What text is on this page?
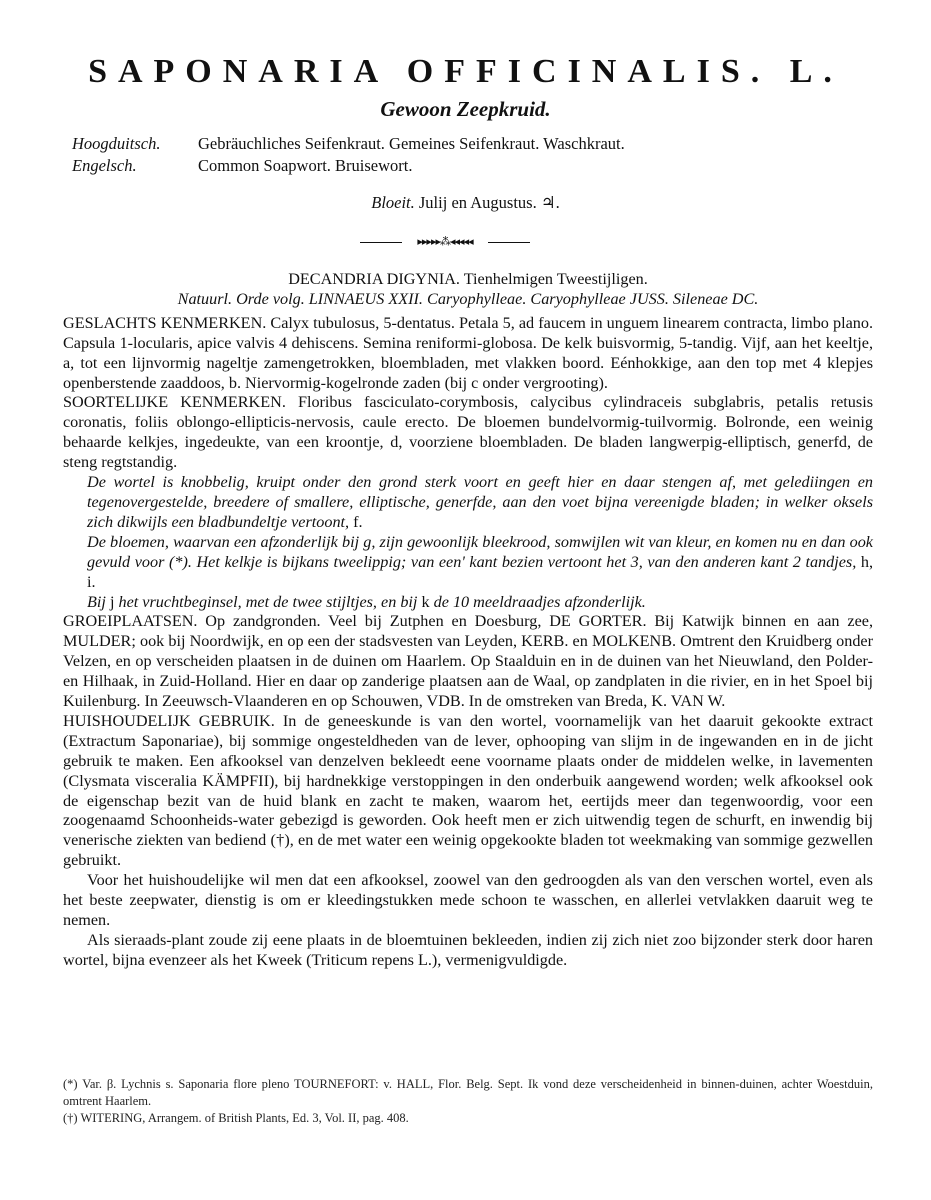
SAPONARIA OFFICINALIS. L.
Gewoon Zeepkruid.
Hoogduitsch.	Gebräuchliches Seifenkraut. Gemeines Seifenkraut. Waschkraut.
Engelsch.	Common Soapwort. Bruisewort.
Bloeit. Julij en Augustus. ♃.
▸▸▸▸▸⁂◂◂◂◂◂

DECANDRIA DIGYNIA. Tienhelmigen Tweestijligen.

Natuurl. Orde volg. LINNAEUS XXII. Caryophylleae. Caryophylleae JUSS. Sileneae DC.

GESLACHTS KENMERKEN. Calyx tubulosus, 5-dentatus. Petala 5, ad faucem in unguem linearem contracta, limbo plano. Capsula 1-locularis, apice valvis 4 dehiscens. Semina reniformi-globosa. De kelk buisvormig, 5-tandig. Vijf, aan het keeltje, a, tot een lijnvormig nageltje zamengetrokken, bloembladen, met vlakken boord. Eénhokkige, aan den top met 4 klepjes openberstende zaaddoos, b. Niervormig-kogelronde zaden (bij c onder vergrooting).

SOORTELIJKE KENMERKEN. Floribus fasciculato-corymbosis, calycibus cylindraceis subglabris, petalis retusis coronatis, foliis oblongo-ellipticis-nervosis, caule erecto. De bloemen bundelvormig-tuilvormig. Bolronde, een weinig behaarde kelkjes, ingedeukte, van een kroontje, d, voorziene bloembladen. De bladen langwerpig-elliptisch, generfd, de steng regtstandig.

De wortel is knobbelig, kruipt onder den grond sterk voort en geeft hier en daar stengen af, met gelediingen en tegenovergestelde, breedere of smallere, elliptische, generfde, aan den voet bijna vereenigde bladen; in welker oksels zich dikwijls een bladbundeltje vertoont, f.

De bloemen, waarvan een afzonderlijk bij g, zijn gewoonlijk bleekrood, somwijlen wit van kleur, en komen nu en dan ook gevuld voor (*). Het kelkje is bijkans tweelippig; van een' kant bezien vertoont het 3, van den anderen kant 2 tandjes, h, i.

Bij j het vruchtbeginsel, met de twee stijltjes, en bij k de 10 meeldraadjes afzonderlijk.

GROEIPLAATSEN. Op zandgronden. Veel bij Zutphen en Doesburg, DE GORTER. Bij Katwijk binnen en aan zee, MULDER; ook bij Noordwijk, en op een der stadsvesten van Leyden, KERB. en MOLKENB. Omtrent den Kruidberg onder Velzen, en op verscheiden plaatsen in de duinen om Haarlem. Op Staalduin en in de duinen van het Nieuwland, den Polder- en Hilhaak, in Zuid-Holland. Hier en daar op zanderige plaatsen aan de Waal, op zandplaten in die rivier, en in het Spoel bij Kuilenburg. In Zeeuwsch-Vlaanderen en op Schouwen, VDB. In de omstreken van Breda, K. VAN W.

HUISHOUDELIJK GEBRUIK. In de geneeskunde is van den wortel, voornamelijk van het daaruit gekookte extract (Extractum Saponariae), bij sommige ongesteldheden van de lever, ophooping van slijm in de ingewanden en in de jicht gebruik te maken. Een afkooksel van denzelven bekleedt eene voorname plaats onder de middelen welke, in lavementen (Clysmata visceralia KÄMPFII), bij hardnekkige verstoppingen in den onderbuik aangewend worden; welk afkooksel ook de eigenschap bezit van de huid blank en zacht te maken, waarom het, eertijds meer dan tegenwoordig, voor een zoogenaamd Schoonheids-water gebezigd is geworden. Ook heeft men er zich uitwendig tegen de schurft, en inwendig bij venerische ziekten van bediend (†), en de met water een weinig opgekookte bladen tot weekmaking van sommige gezwellen gebruikt.

Voor het huishoudelijke wil men dat een afkooksel, zoowel van den gedroogden als van den verschen wortel, even als het beste zeepwater, dienstig is om er kleedingstukken mede schoon te wasschen, en allerlei vetvlakken daaruit weg te nemen.

Als sieraads-plant zoude zij eene plaats in de bloemtuinen bekleeden, indien zij zich niet zoo bijzonder sterk door haren wortel, bijna evenzeer als het Kweek (Triticum repens L.), vermenigvuldigde.

(*) Var. β. Lychnis s. Saponaria flore pleno TOURNEFORT: v. HALL, Flor. Belg. Sept. Ik vond deze verscheidenheid in binnen-duinen, achter Woestduin, omtrent Haarlem.

(†) WITERING, Arrangem. of British Plants, Ed. 3, Vol. II, pag. 408.
